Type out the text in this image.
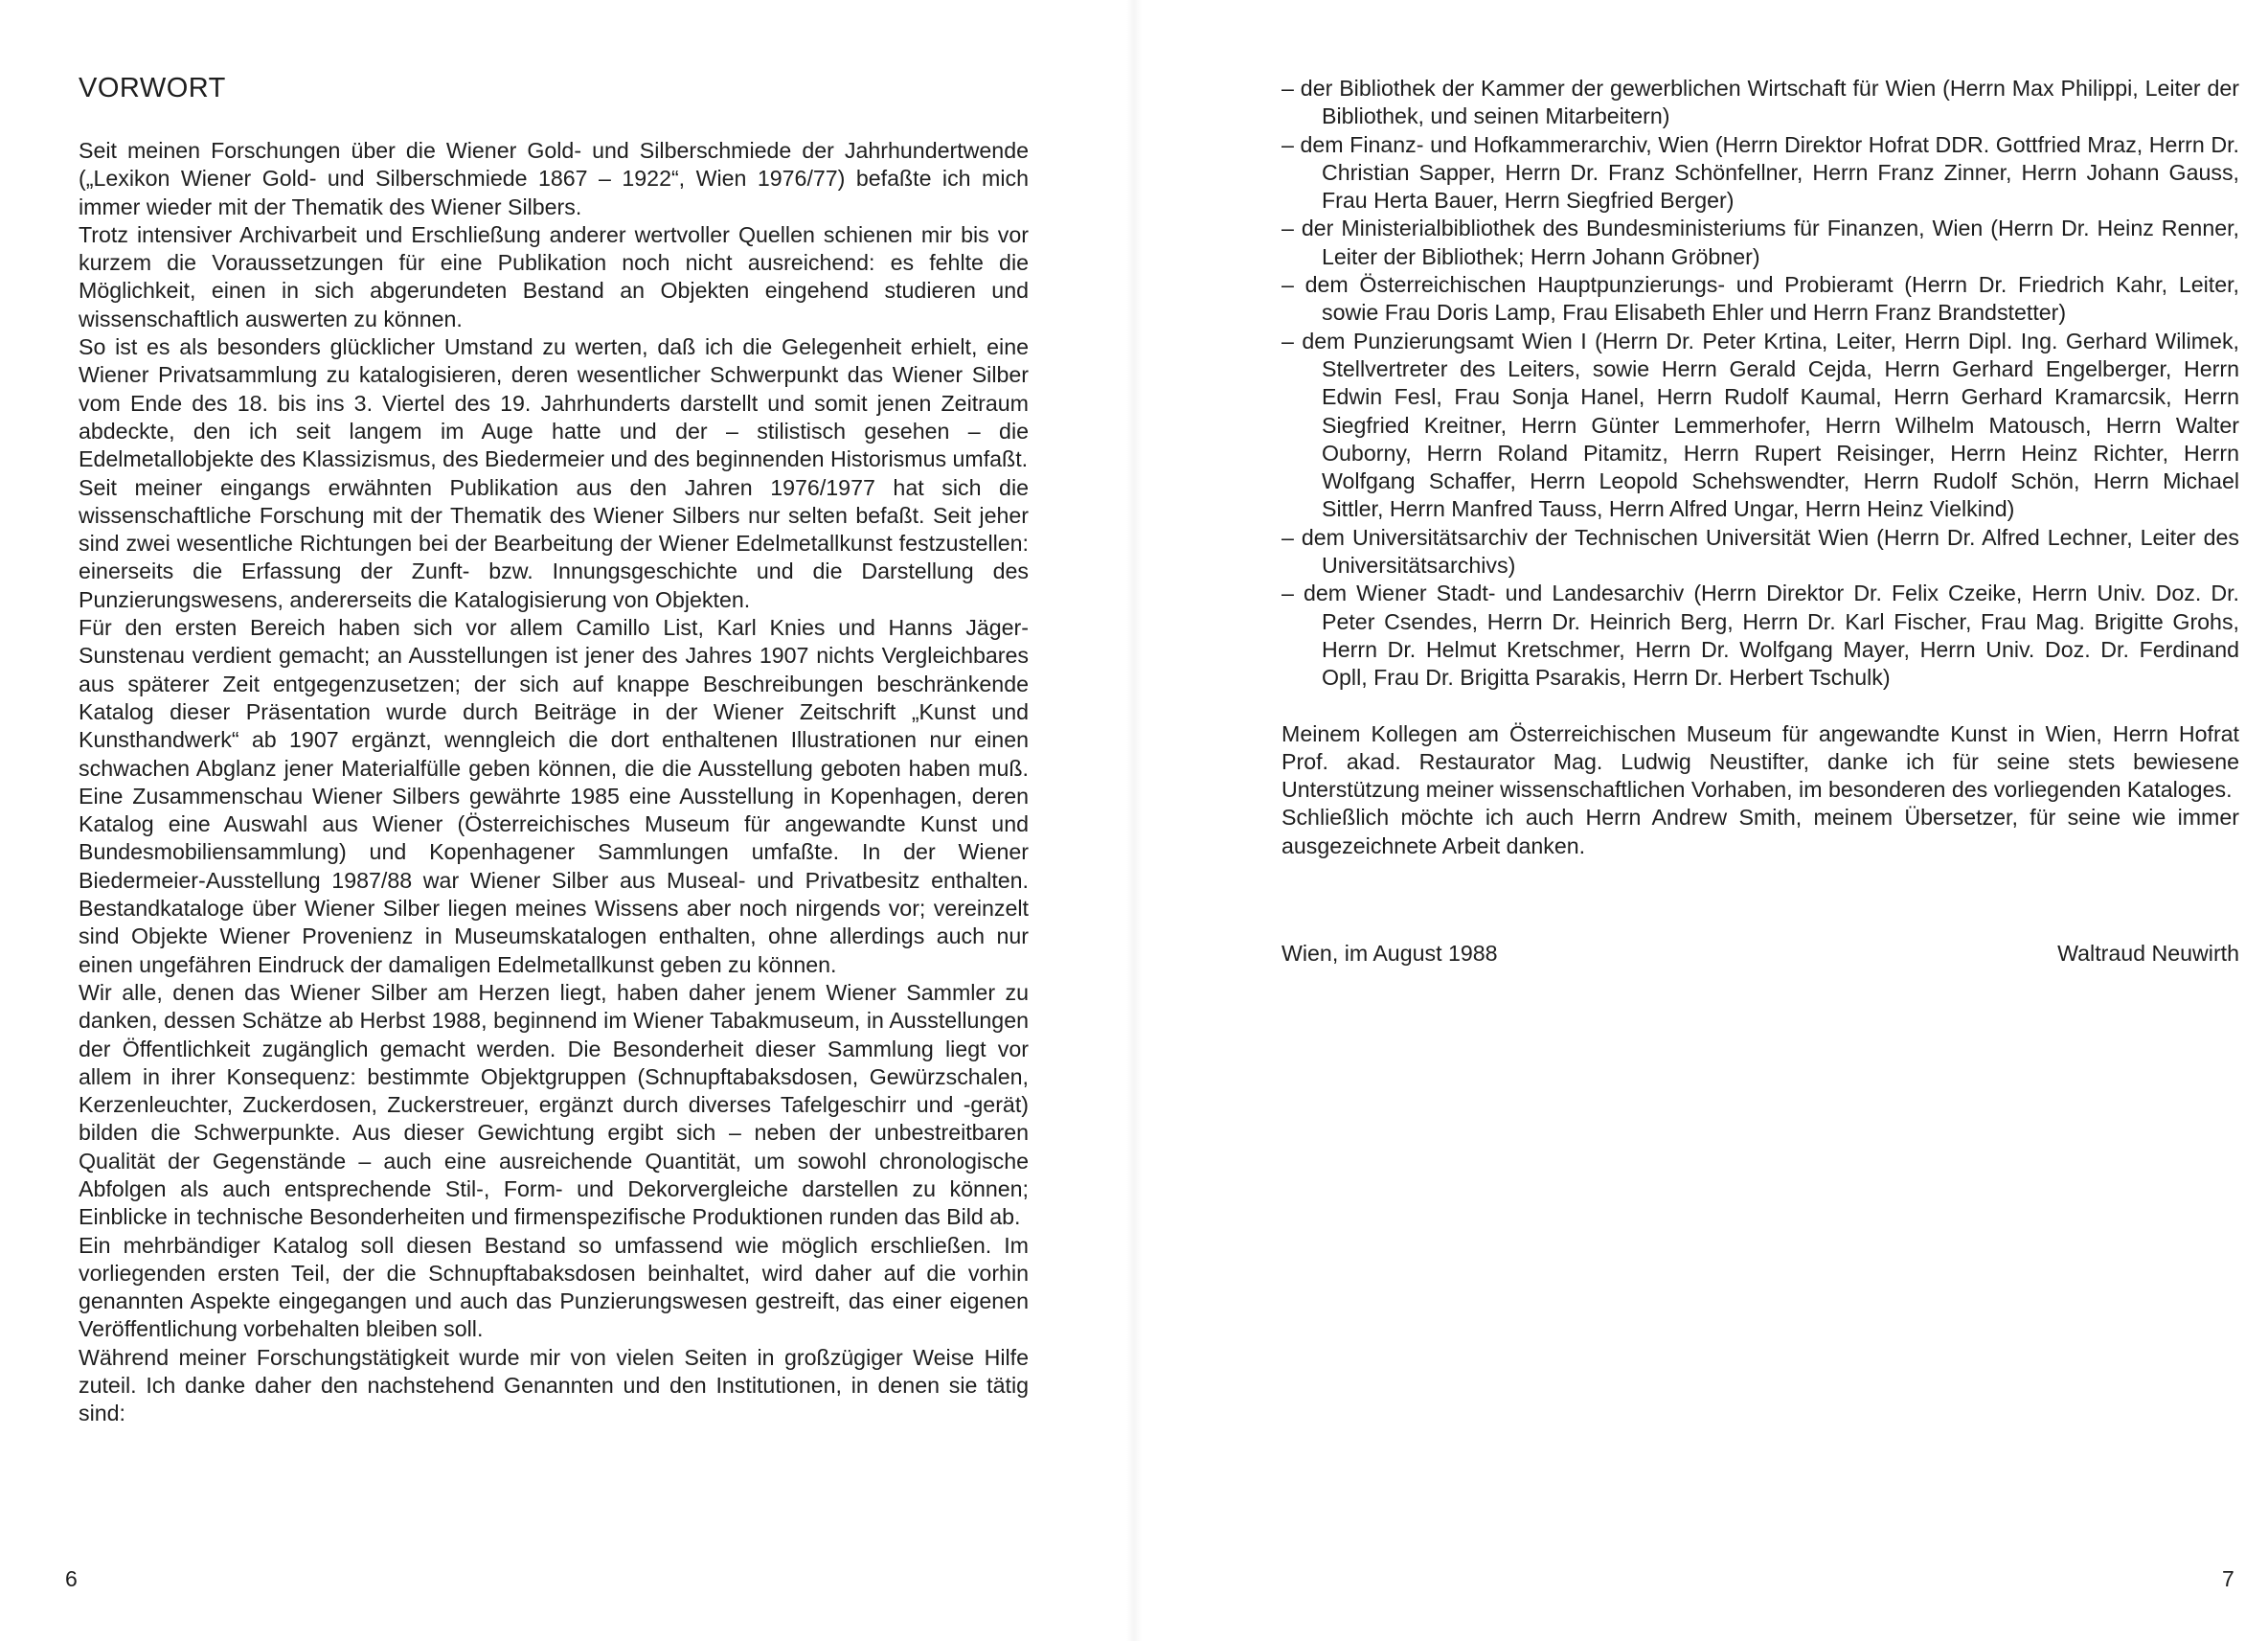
VORWORT

Seit meinen Forschungen über die Wiener Gold- und Silberschmiede der Jahrhundertwende („Lexikon Wiener Gold- und Silberschmiede 1867 – 1922“, Wien 1976/77) befaßte ich mich immer wieder mit der Thematik des Wiener Silbers.

Trotz intensiver Archivarbeit und Erschließung anderer wertvoller Quellen schienen mir bis vor kurzem die Voraussetzungen für eine Publikation noch nicht ausreichend: es fehlte die Möglichkeit, einen in sich abgerundeten Bestand an Objekten eingehend studieren und wissenschaftlich auswerten zu können.

So ist es als besonders glücklicher Umstand zu werten, daß ich die Gelegenheit erhielt, eine Wiener Privatsammlung zu katalogisieren, deren wesentlicher Schwerpunkt das Wiener Silber vom Ende des 18. bis ins 3. Viertel des 19. Jahrhunderts darstellt und somit jenen Zeitraum abdeckte, den ich seit langem im Auge hatte und der – stilistisch gesehen – die Edelmetallobjekte des Klassizismus, des Biedermeier und des beginnenden Historismus umfaßt.

Seit meiner eingangs erwähnten Publikation aus den Jahren 1976/1977 hat sich die wissenschaftliche Forschung mit der Thematik des Wiener Silbers nur selten befaßt. Seit jeher sind zwei wesentliche Richtungen bei der Bearbeitung der Wiener Edelmetallkunst festzustellen: einerseits die Erfassung der Zunft- bzw. Innungsgeschichte und die Darstellung des Punzierungswesens, andererseits die Katalogisierung von Objekten.

Für den ersten Bereich haben sich vor allem Camillo List, Karl Knies und Hanns Jäger-Sunstenau verdient gemacht; an Ausstellungen ist jener des Jahres 1907 nichts Vergleichbares aus späterer Zeit entgegenzusetzen; der sich auf knappe Beschreibungen beschränkende Katalog dieser Präsentation wurde durch Beiträge in der Wiener Zeitschrift „Kunst und Kunsthandwerk“ ab 1907 ergänzt, wenngleich die dort enthaltenen Illustrationen nur einen schwachen Abglanz jener Materialfülle geben können, die die Ausstellung geboten haben muß. Eine Zusammenschau Wiener Silbers gewährte 1985 eine Ausstellung in Kopenhagen, deren Katalog eine Auswahl aus Wiener (Österreichisches Museum für angewandte Kunst und Bundesmobiliensammlung) und Kopenhagener Sammlungen umfaßte. In der Wiener Biedermeier-Ausstellung 1987/88 war Wiener Silber aus Museal- und Privatbesitz enthalten. Bestandkataloge über Wiener Silber liegen meines Wissens aber noch nirgends vor; vereinzelt sind Objekte Wiener Provenienz in Museumskatalogen enthalten, ohne allerdings auch nur einen ungefähren Eindruck der damaligen Edelmetallkunst geben zu können.

Wir alle, denen das Wiener Silber am Herzen liegt, haben daher jenem Wiener Sammler zu danken, dessen Schätze ab Herbst 1988, beginnend im Wiener Tabakmuseum, in Ausstellungen der Öffentlichkeit zugänglich gemacht werden. Die Besonderheit dieser Sammlung liegt vor allem in ihrer Konsequenz: bestimmte Objektgruppen (Schnupftabaksdosen, Gewürzschalen, Kerzenleuchter, Zuckerdosen, Zuckerstreuer, ergänzt durch diverses Tafelgeschirr und -gerät) bilden die Schwerpunkte. Aus dieser Gewichtung ergibt sich – neben der unbestreitbaren Qualität der Gegenstände – auch eine ausreichende Quantität, um sowohl chronologische Abfolgen als auch entsprechende Stil-, Form- und Dekorvergleiche darstellen zu können; Einblicke in technische Besonderheiten und firmenspezifische Produktionen runden das Bild ab.

Ein mehrbändiger Katalog soll diesen Bestand so umfassend wie möglich erschließen. Im vorliegenden ersten Teil, der die Schnupftabaksdosen beinhaltet, wird daher auf die vorhin genannten Aspekte eingegangen und auch das Punzierungswesen gestreift, das einer eigenen Veröffentlichung vorbehalten bleiben soll.

Während meiner Forschungstätigkeit wurde mir von vielen Seiten in großzügiger Weise Hilfe zuteil. Ich danke daher den nachstehend Genannten und den Institutionen, in denen sie tätig sind:

6

– der Bibliothek der Kammer der gewerblichen Wirtschaft für Wien (Herrn Max Philippi, Leiter der Bibliothek, und seinen Mitarbeitern)

– dem Finanz- und Hofkammerarchiv, Wien (Herrn Direktor Hofrat DDR. Gottfried Mraz, Herrn Dr. Christian Sapper, Herrn Dr. Franz Schönfellner, Herrn Franz Zinner, Herrn Johann Gauss, Frau Herta Bauer, Herrn Siegfried Berger)

– der Ministerialbibliothek des Bundesministeriums für Finanzen, Wien (Herrn Dr. Heinz Renner, Leiter der Bibliothek; Herrn Johann Gröbner)

– dem Österreichischen Hauptpunzierungs- und Probieramt (Herrn Dr. Friedrich Kahr, Leiter, sowie Frau Doris Lamp, Frau Elisabeth Ehler und Herrn Franz Brandstetter)

– dem Punzierungsamt Wien I (Herrn Dr. Peter Krtina, Leiter, Herrn Dipl. Ing. Gerhard Wilimek, Stellvertreter des Leiters, sowie Herrn Gerald Cejda, Herrn Gerhard Engelberger, Herrn Edwin Fesl, Frau Sonja Hanel, Herrn Rudolf Kaumal, Herrn Gerhard Kramarcsik, Herrn Siegfried Kreitner, Herrn Günter Lemmerhofer, Herrn Wilhelm Matousch, Herrn Walter Ouborny, Herrn Roland Pitamitz, Herrn Rupert Reisinger, Herrn Heinz Richter, Herrn Wolfgang Schaffer, Herrn Leopold Schehswendter, Herrn Rudolf Schön, Herrn Michael Sittler, Herrn Manfred Tauss, Herrn Alfred Ungar, Herrn Heinz Vielkind)

– dem Universitätsarchiv der Technischen Universität Wien (Herrn Dr. Alfred Lechner, Leiter des Universitätsarchivs)

– dem Wiener Stadt- und Landesarchiv (Herrn Direktor Dr. Felix Czeike, Herrn Univ. Doz. Dr. Peter Csendes, Herrn Dr. Heinrich Berg, Herrn Dr. Karl Fischer, Frau Mag. Brigitte Grohs, Herrn Dr. Helmut Kretschmer, Herrn Dr. Wolfgang Mayer, Herrn Univ. Doz. Dr. Ferdinand Opll, Frau Dr. Brigitta Psarakis, Herrn Dr. Herbert Tschulk)

Meinem Kollegen am Österreichischen Museum für angewandte Kunst in Wien, Herrn Hofrat Prof. akad. Restaurator Mag. Ludwig Neustifter, danke ich für seine stets bewiesene Unterstützung meiner wissenschaftlichen Vorhaben, im besonderen des vorliegenden Kataloges.

Schließlich möchte ich auch Herrn Andrew Smith, meinem Übersetzer, für seine wie immer ausgezeichnete Arbeit danken.

Wien, im August 1988	Waltraud Neuwirth
7
